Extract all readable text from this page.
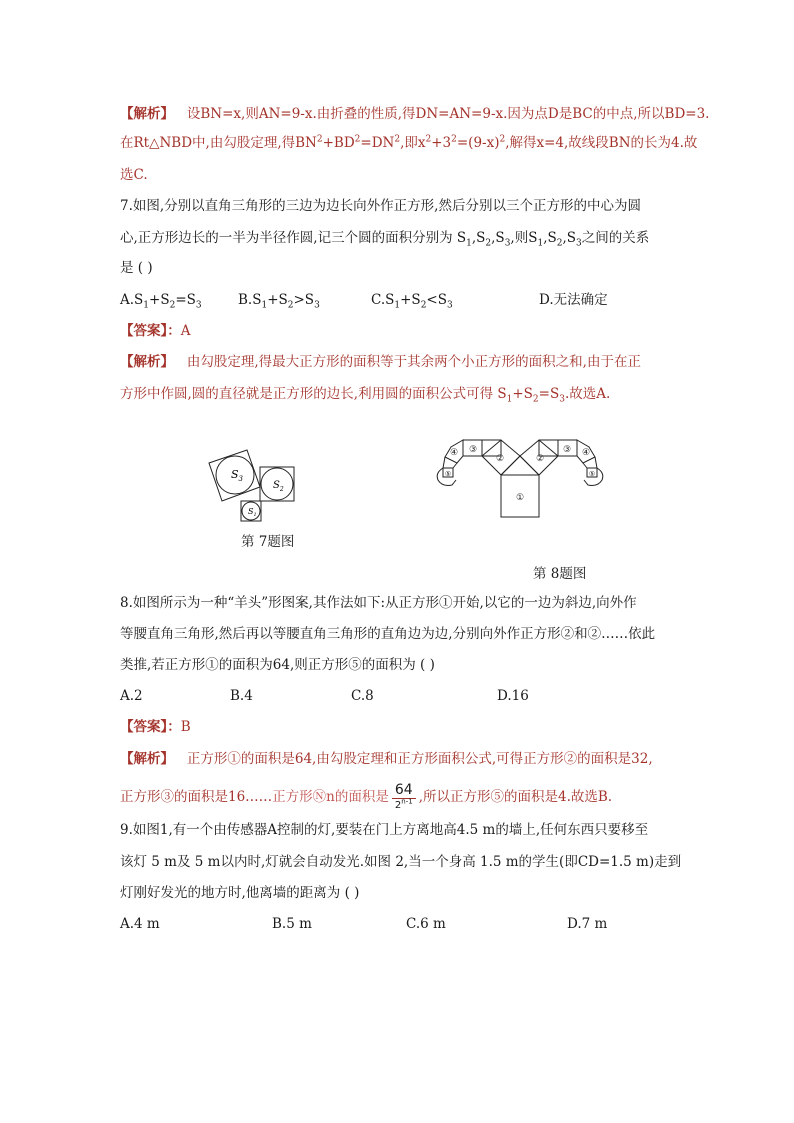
【解析】 设BN=x,则AN=9-x.由折叠的性质,得DN=AN=9-x.因为点D是BC的中点,所以BD=3.
在Rt△NBD中,由勾股定理,得$BN^2+BD^2=DN^2$,即$x^2+3^2=(9-x)^2$,解得x=4,故线段BN的长为4.故
选C.
7.如图,分别以直角三角形的三边为边长向外作正方形,然后分别以三个正方形的中心为圆
心,正方形边长的一半为半径作圆,记三个圆的面积分别为 $S_1,S_2,S_3$,则$S_1,S_2,S_3$之间的关系
是 ( )
$A.S_1+S_2=S_3$	$B.S_1+S_2>S_3$	$C.S_1+S_2<S_3$	D.无法确定
【答案】：A
【解析】 由勾股定理,得最大正方形的面积等于其余两个小正方形的面积之和,由于在正
方形中作圆,圆的直径就是正方形的边长,利用圆的面积公式可得 $S_1+S_2=S_3$.故选A.
$S_3$
$S_2$
$S_1$
第 7题图
①
②	②
③	③
④	④
⑤	⑤
第 8题图
8.如图所示为一种“羊头”形图案,其作法如下:从正方形①开始,以它的一边为斜边,向外作
等腰直角三角形,然后再以等腰直角三角形的直角边为边,分别向外作正方形②和②……依此
类推,若正方形①的面积为64,则正方形⑤的面积为 ( )
A.2	B.4	C.8	D.16
【答案】：B
【解析】 正方形①的面积是64,由勾股定理和正方形面积公式,可得正方形②的面积是32,
正方形③的面积是16……正方形Ⓝn的面积是 $\frac{64}{2^{n-1}}$ ,所以正方形⑤的面积是4.故选B.
9.如图1,有一个由传感器A控制的灯,要装在门上方离地高4.5 m的墙上,任何东西只要移至
该灯 5 m及 5 m以内时,灯就会自动发光.如图 2,当一个身高 1.5 m的学生(即CD=1.5 m)走到
灯刚好发光的地方时,他离墙的距离为 ( )
A.4 m	B.5 m	C.6 m	D.7 m
